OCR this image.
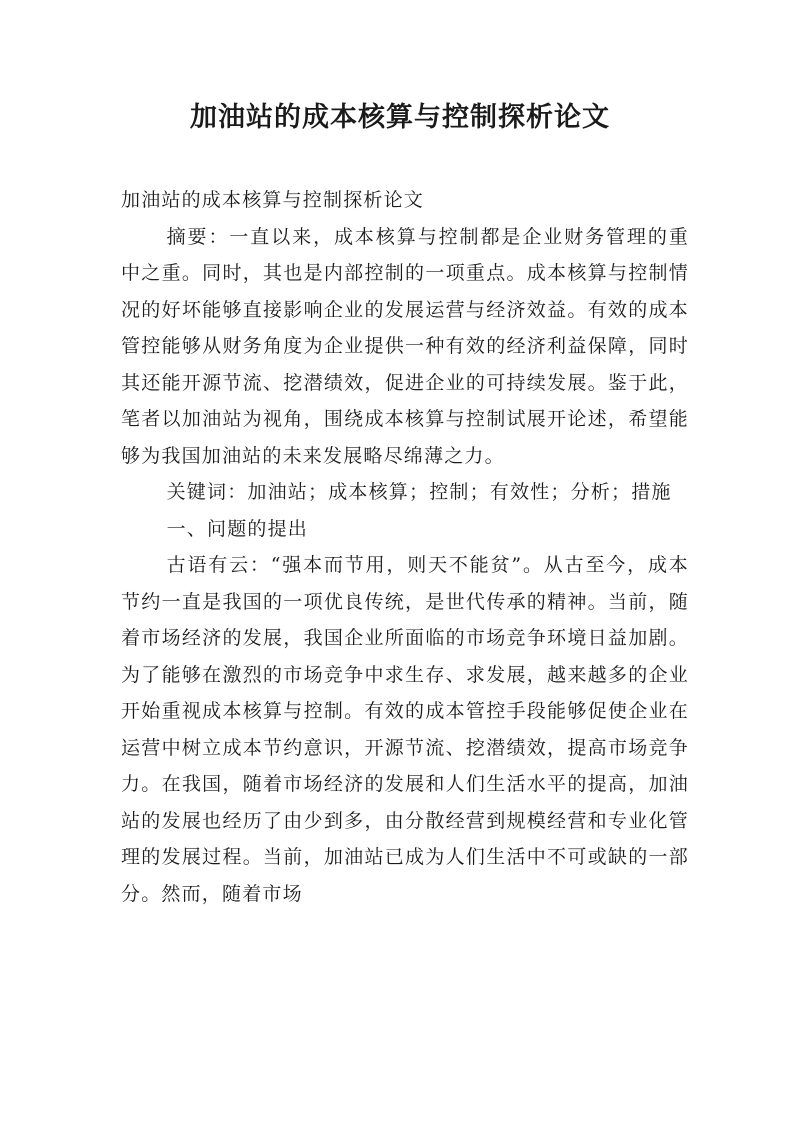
加油站的成本核算与控制探析论文

加油站的成本核算与控制探析论文

摘要：一直以来，成本核算与控制都是企业财务管理的重中之重。同时，其也是内部控制的一项重点。成本核算与控制情况的好坏能够直接影响企业的发展运营与经济效益。有效的成本管控能够从财务角度为企业提供一种有效的经济利益保障，同时其还能开源节流、挖潜绩效，促进企业的可持续发展。鉴于此，笔者以加油站为视角，围绕成本核算与控制试展开论述，希望能够为我国加油站的未来发展略尽绵薄之力。

关键词：加油站；成本核算；控制；有效性；分析；措施

一、问题的提出

古语有云：“强本而节用，则天不能贫”。从古至今，成本节约一直是我国的一项优良传统，是世代传承的精神。当前，随着市场经济的发展，我国企业所面临的市场竞争环境日益加剧。为了能够在激烈的市场竞争中求生存、求发展，越来越多的企业开始重视成本核算与控制。有效的成本管控手段能够促使企业在运营中树立成本节约意识，开源节流、挖潜绩效，提高市场竞争力。在我国，随着市场经济的发展和人们生活水平的提高，加油站的发展也经历了由少到多，由分散经营到规模经营和专业化管理的发展过程。当前，加油站已成为人们生活中不可或缺的一部分。然而，随着市场
